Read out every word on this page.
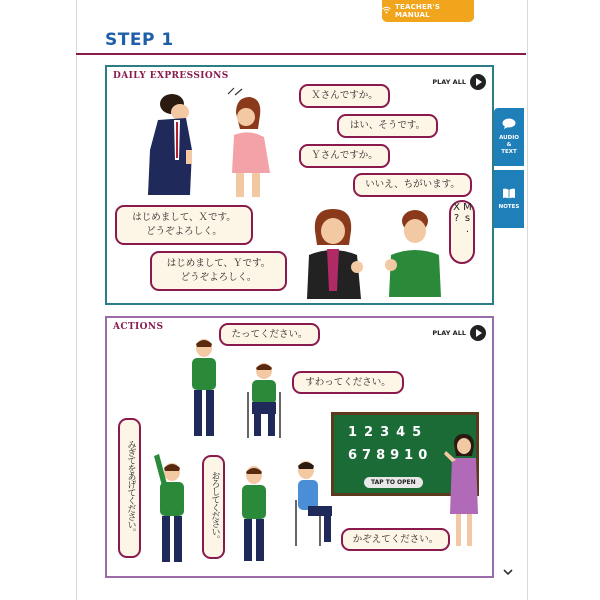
TEACHER'S MANUAL
STEP 1
AUDIO
&
TEXT
NOTES
DAILY EXPRESSIONS
PLAY ALL
Ｘさんですか。
はい、そうです。
Ｙさんですか。
いいえ、ちがいます。
はじめまして、Ｘです。
どうぞよろしく。
はじめまして、Ｙです。
どうぞよろしく。
Ms. X?
ACTIONS
PLAY ALL
たってください。
すわってください。
みぎてをあげてください。	おろしてください。	かぞえてください。
12345
678910
TAP TO OPEN
